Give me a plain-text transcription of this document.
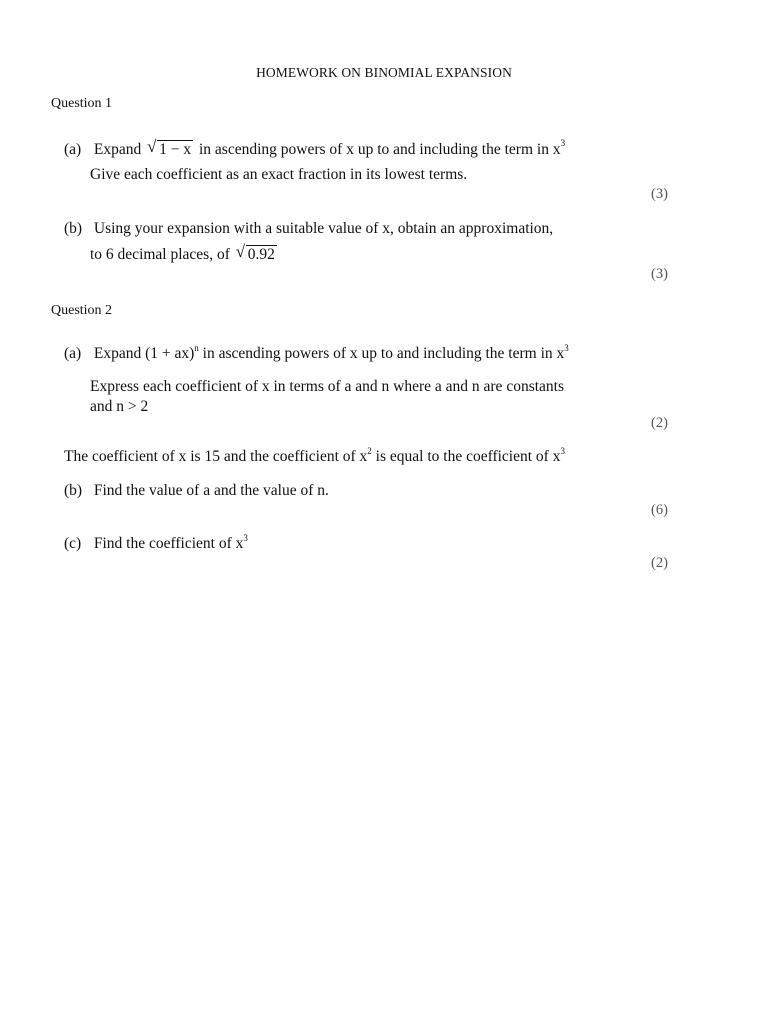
HOMEWORK ON BINOMIAL EXPANSION
Question 1
(a) Expand √ 1 − x in ascending powers of x up to and including the term in $x^3$
Give each coefficient as an exact fraction in its lowest terms.
(3)
(b) Using your expansion with a suitable value of x, obtain an approximation,
to 6 decimal places, of √ 0.92
(3)
Question 2
(a) Expand (1 + ax)$^n$ in ascending powers of x up to and including the term in $x^3$
Express each coefficient of x in terms of a and n where a and n are constants
and n > 2
(2)
The coefficient of x is 15 and the coefficient of $x^2$ is equal to the coefficient of $x^3$
(b) Find the value of a and the value of n.
(6)
(c) Find the coefficient of $x^3$
(2)
